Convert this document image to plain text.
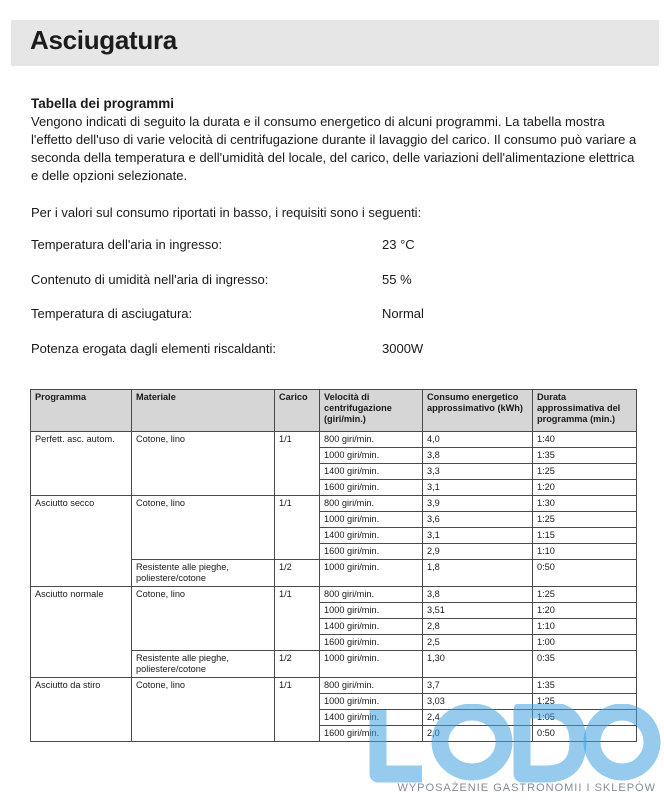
Asciugatura
Tabella dei programmi

Vengono indicati di seguito la durata e il consumo energetico di alcuni programmi. La tabella mostra l'effetto dell'uso di varie velocità di centrifugazione durante il lavaggio del carico. Il consumo può variare a seconda della temperatura e dell'umidità del locale, del carico, delle variazioni dell'alimentazione elettrica e delle opzioni selezionate.

Per i valori sul consumo riportati in basso, i requisiti sono i seguenti:
Temperatura dell'aria in ingresso:	23 °C
Contenuto di umidità nell'aria di ingresso:	55 %
Temperatura di asciugatura:	Normal
Potenza erogata dagli elementi riscaldanti:	3000W
Programma	Materiale	Carico	Velocità di centrifugazione (giri/min.)	Consumo energetico approssimativo (kWh)	Durata approssimativa del programma (min.)
Perfett. asc. autom.	Cotone, lino	1/1	800 giri/min.	4,0	1:40
			1000 giri/min.	3,8	1:35
			1400 giri/min.	3,3	1:25
			1600 giri/min.	3,1	1:20
Asciutto secco	Cotone, lino	1/1	800 giri/min.	3,9	1:30
			1000 giri/min.	3,6	1:25
			1400 giri/min.	3,1	1:15
			1600 giri/min.	2,9	1:10
	Resistente alle pieghe, poliestere/cotone	1/2	1000 giri/min.	1,8	0:50
Asciutto normale	Cotone, lino	1/1	800 giri/min.	3,8	1:25
			1000 giri/min.	3,51	1:20
			1400 giri/min.	2,8	1:10
			1600 giri/min.	2,5	1:00
	Resistente alle pieghe, poliestere/cotone	1/2	1000 giri/min.	1,30	0:35
Asciutto da stiro	Cotone, lino	1/1	800 giri/min.	3,7	1:35
			1000 giri/min.	3,03	1:25
			1400 giri/min.	2,4	1:05
			1600 giri/min.	2,0	0:50
WYPOSAŻENIE GASTRONOMII I SKLEPÓW
